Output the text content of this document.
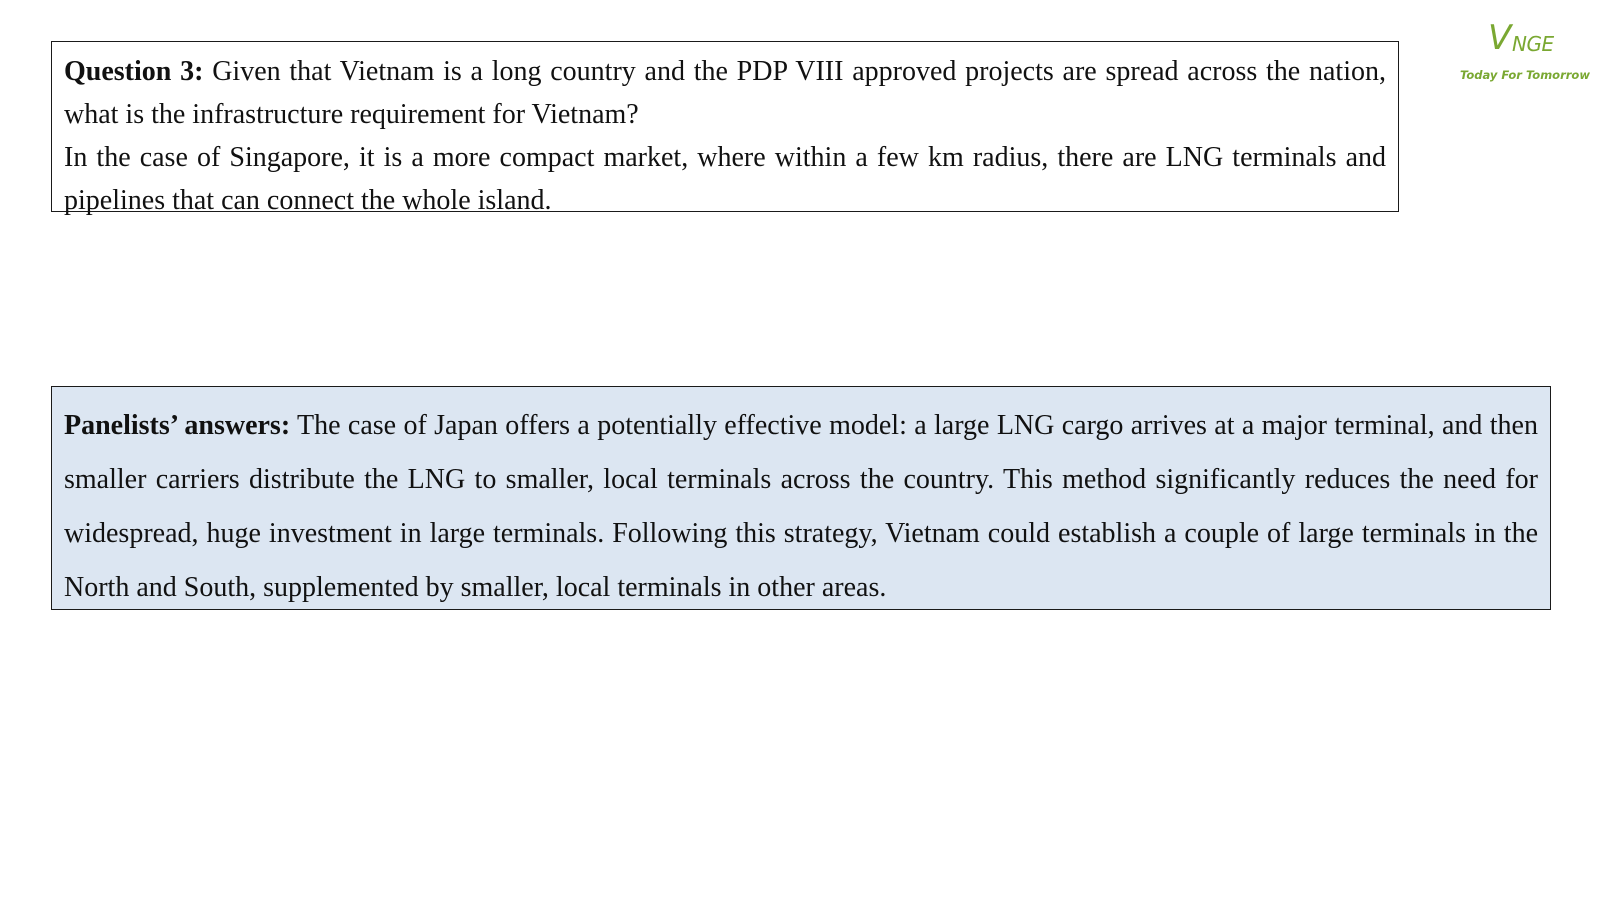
V NGE
Today For Tomorrow

Question 3: Given that Vietnam is a long country and the PDP VIII approved projects are spread across the nation, what is the infrastructure requirement for Vietnam?

In the case of Singapore, it is a more compact market, where within a few km radius, there are LNG terminals and pipelines that can connect the whole island.

Panelists’ answers: The case of Japan offers a potentially effective model: a large LNG cargo arrives at a major terminal, and then smaller carriers distribute the LNG to smaller, local terminals across the country. This method significantly reduces the need for widespread, huge investment in large terminals. Following this strategy, Vietnam could establish a couple of large terminals in the North and South, supplemented by smaller, local terminals in other areas.
